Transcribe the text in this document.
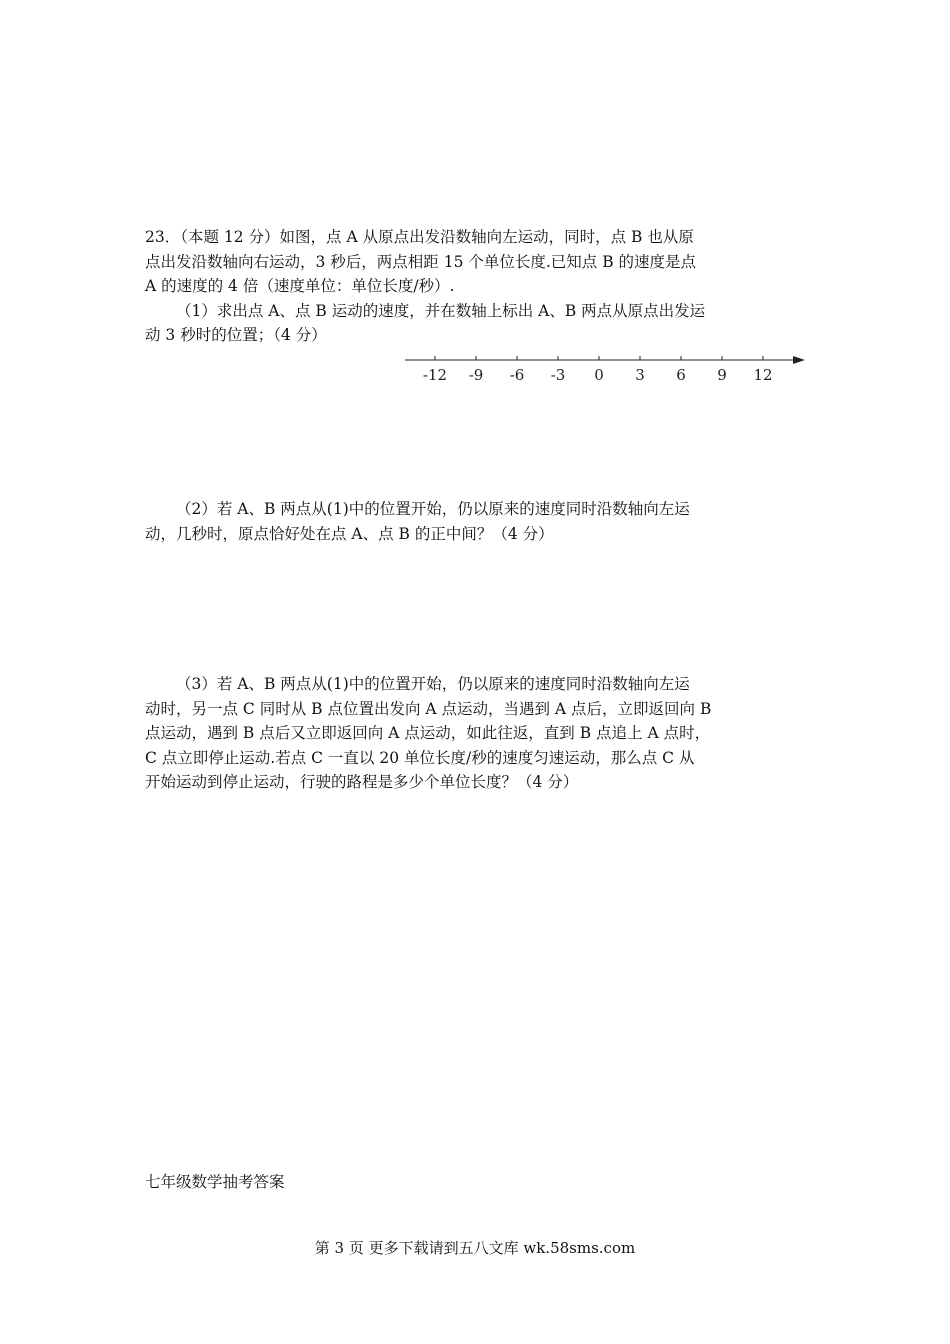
23．（本题 12 分）如图，点 A 从原点出发沿数轴向左运动，同时，点 B 也从原
点出发沿数轴向右运动，3 秒后，两点相距 15 个单位长度.已知点 B 的速度是点
A 的速度的 4 倍（速度单位：单位长度/秒）.
（1）求出点 A、点 B 运动的速度，并在数轴上标出 A、B 两点从原点出发运
动 3 秒时的位置；（4 分）
-12 -9 -6 -3 0 3 6 9 12
（2）若 A、B 两点从(1)中的位置开始，仍以原来的速度同时沿数轴向左运
动，几秒时，原点恰好处在点 A、点 B 的正中间？（4 分）
（3）若 A、B 两点从(1)中的位置开始，仍以原来的速度同时沿数轴向左运
动时，另一点 C 同时从 B 点位置出发向 A 点运动，当遇到 A 点后，立即返回向 B
点运动，遇到 B 点后又立即返回向 A 点运动，如此往返，直到 B 点追上 A 点时，
C 点立即停止运动.若点 C 一直以 20 单位长度/秒的速度匀速运动，那么点 C 从
开始运动到停止运动，行驶的路程是多少个单位长度？（4 分）
七年级数学抽考答案
第 3 页 更多下载请到五八文库 wk.58sms.com
